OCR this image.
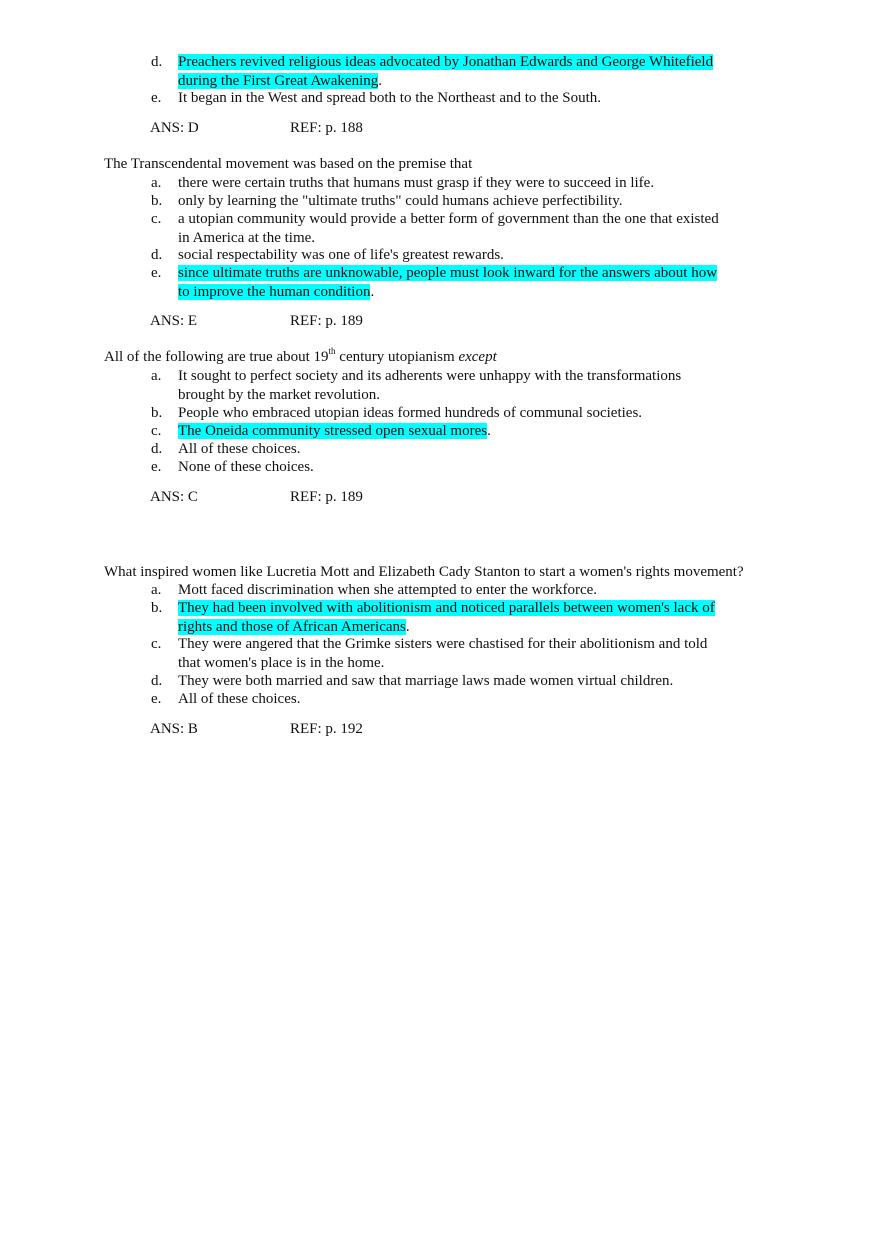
d.	Preachers revived religious ideas advocated by Jonathan Edwards and George Whitefield
during the First Great Awakening.
e.	It began in the West and spread both to the Northeast and to the South.
ANS: D	REF: p. 188
The Transcendental movement was based on the premise that
a.	there were certain truths that humans must grasp if they were to succeed in life.
b.	only by learning the "ultimate truths" could humans achieve perfectibility.
c.	a utopian community would provide a better form of government than the one that existed
in America at the time.
d.	social respectability was one of life's greatest rewards.
e.	since ultimate truths are unknowable, people must look inward for the answers about how
to improve the human condition.
ANS: E	REF: p. 189
All of the following are true about 19th century utopianism except
a.	It sought to perfect society and its adherents were unhappy with the transformations
brought by the market revolution.
b.	People who embraced utopian ideas formed hundreds of communal societies.
c.	The Oneida community stressed open sexual mores.
d.	All of these choices.
e.	None of these choices.
ANS: C	REF: p. 189
What inspired women like Lucretia Mott and Elizabeth Cady Stanton to start a women's rights movement?
a.	Mott faced discrimination when she attempted to enter the workforce.
b.	They had been involved with abolitionism and noticed parallels between women's lack of
rights and those of African Americans.
c.	They were angered that the Grimke sisters were chastised for their abolitionism and told
that women's place is in the home.
d.	They were both married and saw that marriage laws made women virtual children.
e.	All of these choices.
ANS: B	REF: p. 192
